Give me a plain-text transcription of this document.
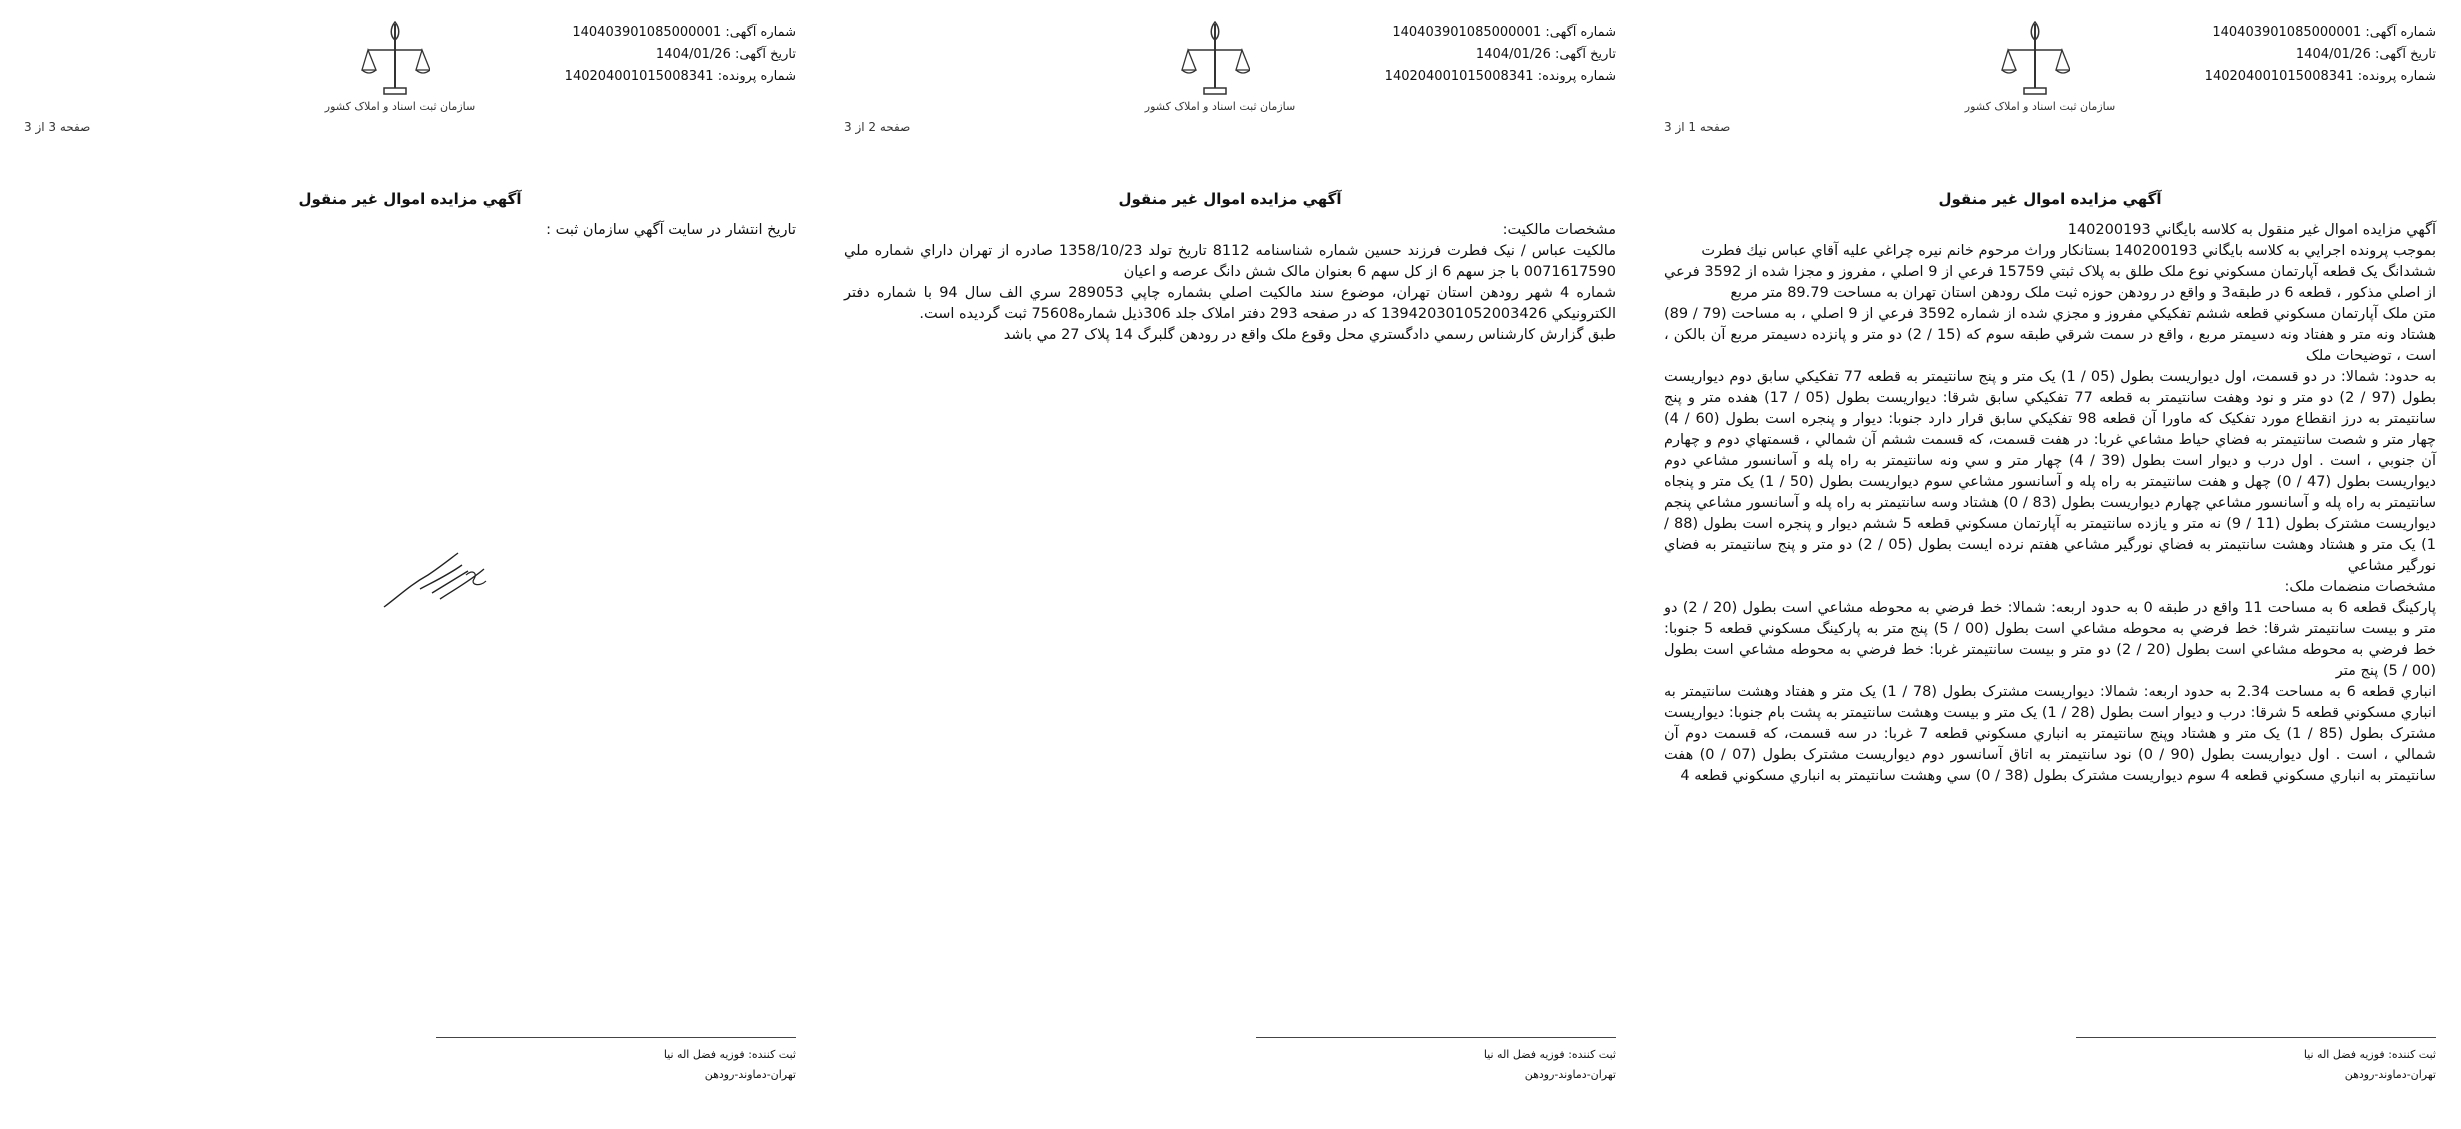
شماره آگهی: 140403901085000001
تاریخ آگهی: 1404/01/26
شماره پرونده: 140204001015008341
سازمان ثبت اسناد و املاک کشور
صفحه 1 از 3
آگهي مزايده اموال غير منقول

آگهي مزايده اموال غير منقول به كلاسه بايگاني 140200193

بموجب پرونده اجرايي به كلاسه بايگاني 140200193 بستانكار وراث مرحوم خانم نيره چراغي عليه آقاي عباس نيك فطرت

ششدانگ يک قطعه آپارتمان مسكوني نوع ملک طلق به پلاک ثبتي 15759 فرعي از 9 اصلي ، مفروز و مجزا شده از 3592 فرعي از اصلي مذكور ، قطعه 6 در طبقه3 و واقع در رودهن حوزه ثبت ملک رودهن استان تهران به مساحت 89.79 متر مربع

متن ملک آپارتمان مسكوني قطعه ششم تفكيكي مفروز و مجزي شده از شماره 3592 فرعي از 9 اصلي ، به مساحت (79 / 89) هشتاد ونه متر و هفتاد ونه دسيمتر مربع ، واقع در سمت شرقي طبقه سوم كه (15 / 2) دو متر و پانزده دسيمتر مربع آن بالكن ، است ، توضيحات ملک

به حدود: شمالا: در دو قسمت، اول ديواريست بطول (05 / 1) يک متر و پنج سانتيمتر به قطعه 77 تفكيكي سابق دوم ديواريست بطول (97 / 2) دو متر و نود وهفت سانتيمتر به قطعه 77 تفكيكي سابق شرقا: ديواريست بطول (05 / 17) هفده متر و پنج سانتيمتر به درز انقطاع مورد تفكيک كه ماورا آن قطعه 98 تفكيكي سابق قرار دارد جنوبا: ديوار و پنجره است بطول (60 / 4) چهار متر و شصت سانتيمتر به فضاي حياط مشاعي غربا: در هفت قسمت، كه قسمت ششم آن شمالي ، قسمتهاي دوم و چهارم آن جنوبي ، است . اول درب و ديوار است بطول (39 / 4) چهار متر و سي ونه سانتيمتر به راه پله و آسانسور مشاعي دوم ديواريست بطول (47 / 0) چهل و هفت سانتيمتر به راه پله و آسانسور مشاعي سوم ديواريست بطول (50 / 1) يک متر و پنجاه سانتيمتر به راه پله و آسانسور مشاعي چهارم ديواريست بطول (83 / 0) هشتاد وسه سانتيمتر به راه پله و آسانسور مشاعي پنجم ديواريست مشترک بطول (11 / 9) نه متر و يازده سانتيمتر به آپارتمان مسكوني قطعه 5 ششم ديوار و پنجره است بطول (88 / 1) يک متر و هشتاد وهشت سانتيمتر به فضاي نورگير مشاعي هفتم نرده ايست بطول (05 / 2) دو متر و پنج سانتيمتر به فضاي نورگير مشاعي

مشخصات منضمات ملک:

پاركينگ قطعه 6 به مساحت 11 واقع در طبقه 0 به حدود اربعه: شمالا: خط فرضي به محوطه مشاعي است بطول (20 / 2) دو متر و بيست سانتيمتر شرقا: خط فرضي به محوطه مشاعي است بطول (00 / 5) پنج متر به پاركينگ مسكوني قطعه 5 جنوبا: خط فرضي به محوطه مشاعي است بطول (20 / 2) دو متر و بيست سانتيمتر غربا: خط فرضي به محوطه مشاعي است بطول (00 / 5) پنج متر

انباري قطعه 6 به مساحت 2.34 به حدود اربعه: شمالا: ديواريست مشترک بطول (78 / 1) يک متر و هفتاد وهشت سانتيمتر به انباري مسكوني قطعه 5 شرقا: درب و ديوار است بطول (28 / 1) يک متر و بيست وهشت سانتيمتر به پشت بام جنوبا: ديواريست مشترک بطول (85 / 1) يک متر و هشتاد وپنج سانتيمتر به انباري مسكوني قطعه 7 غربا: در سه قسمت، كه قسمت دوم آن شمالي ، است . اول ديواريست بطول (90 / 0) نود سانتيمتر به اتاق آسانسور دوم ديواريست مشترک بطول (07 / 0) هفت سانتيمتر به انباري مسكوني قطعه 4 سوم ديواريست مشترک بطول (38 / 0) سي وهشت سانتيمتر به انباري مسكوني قطعه 4

ثبت كننده: فوزيه فضل اله نيا
تهران-دماوند-رودهن
شماره آگهی: 140403901085000001
تاریخ آگهی: 1404/01/26
شماره پرونده: 140204001015008341
سازمان ثبت اسناد و املاک کشور
صفحه 2 از 3
آگهي مزايده اموال غير منقول

مشخصات مالكيت:

مالكيت عباس / نيک فطرت فرزند حسين شماره شناسنامه 8112 تاريخ تولد 1358/10/23 صادره از تهران داراي شماره ملي 0071617590 با جز سهم 6 از كل سهم 6 بعنوان مالک شش دانگ عرصه و اعيان

شماره 4 شهر رودهن استان تهران، موضوع سند مالكيت اصلي بشماره چاپي 289053 سري الف سال 94 با شماره دفتر الكترونيكي 139420301052003426 كه در صفحه 293 دفتر املاک جلد 306ذيل شماره75608 ثبت گرديده است.

طبق گزارش كارشناس رسمي دادگستري محل وقوع ملک واقع در رودهن گلبرگ 14 پلاک 27 مي باشد

ثبت كننده: فوزيه فضل اله نيا
تهران-دماوند-رودهن
شماره آگهی: 140403901085000001
تاریخ آگهی: 1404/01/26
شماره پرونده: 140204001015008341
سازمان ثبت اسناد و املاک کشور
صفحه 3 از 3
آگهي مزايده اموال غير منقول

تاريخ انتشار در سايت آگهي سازمان ثبت :

ثبت كننده: فوزيه فضل اله نيا
تهران-دماوند-رودهن
